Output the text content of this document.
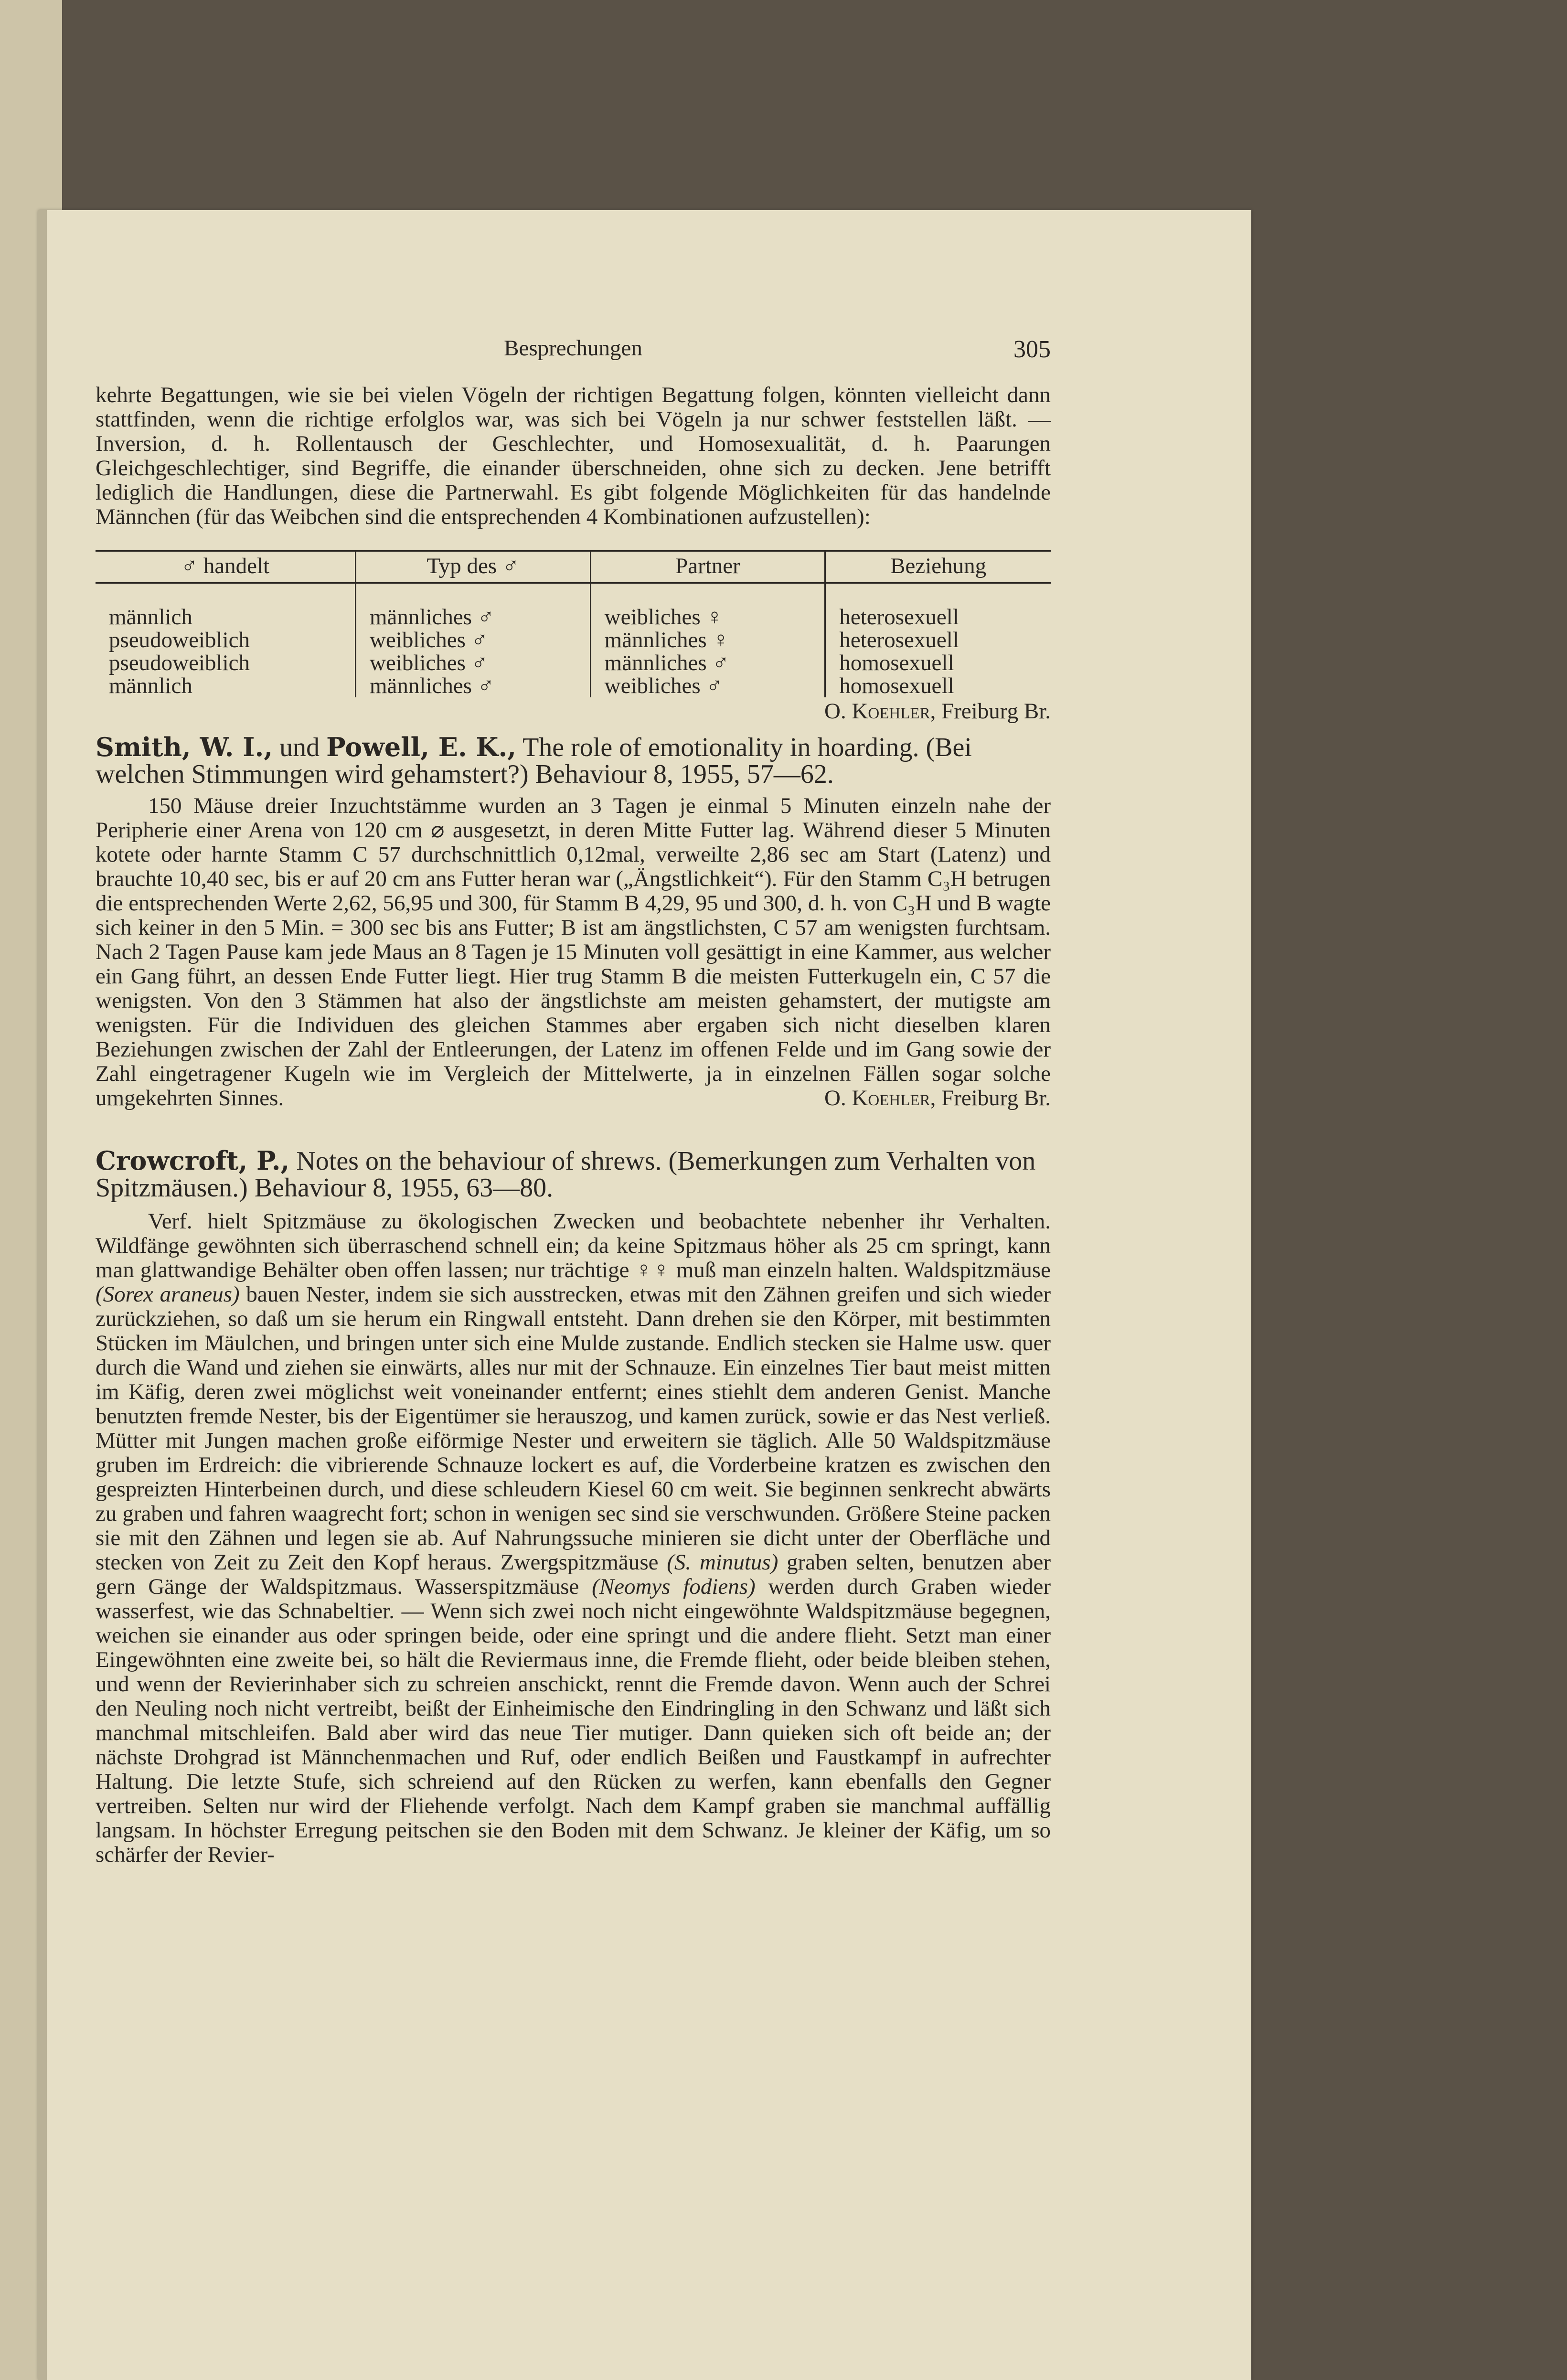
Besprechungen	305

kehrte Begattungen, wie sie bei vielen Vögeln der richtigen Begattung folgen, könnten vielleicht dann stattfinden, wenn die richtige erfolglos war, was sich bei Vögeln ja nur schwer feststellen läßt. — Inversion, d. h. Rollentausch der Geschlechter, und Homosexualität, d. h. Paarungen Gleichgeschlechtiger, sind Begriffe, die einander überschneiden, ohne sich zu decken. Jene betrifft lediglich die Handlungen, diese die Partnerwahl. Es gibt folgende Möglichkeiten für das handelnde Männchen (für das Weibchen sind die entsprechenden 4 Kombinationen aufzustellen):

♂ handelt	Typ des ♂	Partner	Beziehung
männlich	männliches ♂	weibliches ♀	heterosexuell
pseudoweiblich	weibliches ♂	männliches ♀	heterosexuell
pseudoweiblich	weibliches ♂	männliches ♂	homosexuell
männlich	männliches ♂	weibliches ♂	homosexuell
O. Koehler, Freiburg Br.
Smith, W. I., und Powell, E. K., The role of emotionality in hoarding. (Bei welchen Stimmungen wird gehamstert?) Behaviour 8, 1955, 57—62.

150 Mäuse dreier Inzuchtstämme wurden an 3 Tagen je einmal 5 Minuten einzeln nahe der Peripherie einer Arena von 120 cm ⌀ ausgesetzt, in deren Mitte Futter lag. Während dieser 5 Minuten kotete oder harnte Stamm C 57 durchschnittlich 0,12mal, verweilte 2,86 sec am Start (Latenz) und brauchte 10,40 sec, bis er auf 20 cm ans Futter heran war („Ängstlichkeit“). Für den Stamm C₃H betrugen die entsprechenden Werte 2,62, 56,95 und 300, für Stamm B 4,29, 95 und 300, d. h. von C₃H und B wagte sich keiner in den 5 Min. = 300 sec bis ans Futter; B ist am ängstlichsten, C 57 am wenigsten furchtsam. Nach 2 Tagen Pause kam jede Maus an 8 Tagen je 15 Minuten voll gesättigt in eine Kammer, aus welcher ein Gang führt, an dessen Ende Futter liegt. Hier trug Stamm B die meisten Futterkugeln ein, C 57 die wenigsten. Von den 3 Stämmen hat also der ängstlichste am meisten gehamstert, der mutigste am wenigsten. Für die Individuen des gleichen Stammes aber ergaben sich nicht dieselben klaren Beziehungen zwischen der Zahl der Entleerungen, der Latenz im offenen Felde und im Gang sowie der Zahl eingetragener Kugeln wie im Vergleich der Mittelwerte, ja in einzelnen Fällen sogar solche umgekehrten Sinnes.	O. Koehler, Freiburg Br.

Crowcroft, P., Notes on the behaviour of shrews. (Bemerkungen zum Verhalten von Spitzmäusen.) Behaviour 8, 1955, 63—80.

Verf. hielt Spitzmäuse zu ökologischen Zwecken und beobachtete nebenher ihr Verhalten. Wildfänge gewöhnten sich überraschend schnell ein; da keine Spitzmaus höher als 25 cm springt, kann man glattwandige Behälter oben offen lassen; nur trächtige ♀♀ muß man einzeln halten. Waldspitzmäuse (Sorex araneus) bauen Nester, indem sie sich ausstrecken, etwas mit den Zähnen greifen und sich wieder zurückziehen, so daß um sie herum ein Ringwall entsteht. Dann drehen sie den Körper, mit bestimmten Stücken im Mäulchen, und bringen unter sich eine Mulde zustande. Endlich stecken sie Halme usw. quer durch die Wand und ziehen sie einwärts, alles nur mit der Schnauze. Ein einzelnes Tier baut meist mitten im Käfig, deren zwei möglichst weit voneinander entfernt; eines stiehlt dem anderen Genist. Manche benutzten fremde Nester, bis der Eigentümer sie herauszog, und kamen zurück, sowie er das Nest verließ. Mütter mit Jungen machen große eiförmige Nester und erweitern sie täglich. Alle 50 Waldspitzmäuse gruben im Erdreich: die vibrierende Schnauze lockert es auf, die Vorderbeine kratzen es zwischen den gespreizten Hinterbeinen durch, und diese schleudern Kiesel 60 cm weit. Sie beginnen senkrecht abwärts zu graben und fahren waagrecht fort; schon in wenigen sec sind sie verschwunden. Größere Steine packen sie mit den Zähnen und legen sie ab. Auf Nahrungssuche minieren sie dicht unter der Oberfläche und stecken von Zeit zu Zeit den Kopf heraus. Zwergspitzmäuse (S. minutus) graben selten, benutzen aber gern Gänge der Waldspitzmaus. Wasserspitzmäuse (Neomys fodiens) werden durch Graben wieder wasserfest, wie das Schnabeltier. — Wenn sich zwei noch nicht eingewöhnte Waldspitzmäuse begegnen, weichen sie einander aus oder springen beide, oder eine springt und die andere flieht. Setzt man einer Eingewöhnten eine zweite bei, so hält die Reviermaus inne, die Fremde flieht, oder beide bleiben stehen, und wenn der Revierinhaber sich zu schreien anschickt, rennt die Fremde davon. Wenn auch der Schrei den Neuling noch nicht vertreibt, beißt der Einheimische den Eindringling in den Schwanz und läßt sich manchmal mitschleifen. Bald aber wird das neue Tier mutiger. Dann quieken sich oft beide an; der nächste Drohgrad ist Männchenmachen und Ruf, oder endlich Beißen und Faustkampf in aufrechter Haltung. Die letzte Stufe, sich schreiend auf den Rücken zu werfen, kann ebenfalls den Gegner vertreiben. Selten nur wird der Fliehende verfolgt. Nach dem Kampf graben sie manchmal auffällig langsam. In höchster Erregung peitschen sie den Boden mit dem Schwanz. Je kleiner der Käfig, um so schärfer der Revier-
